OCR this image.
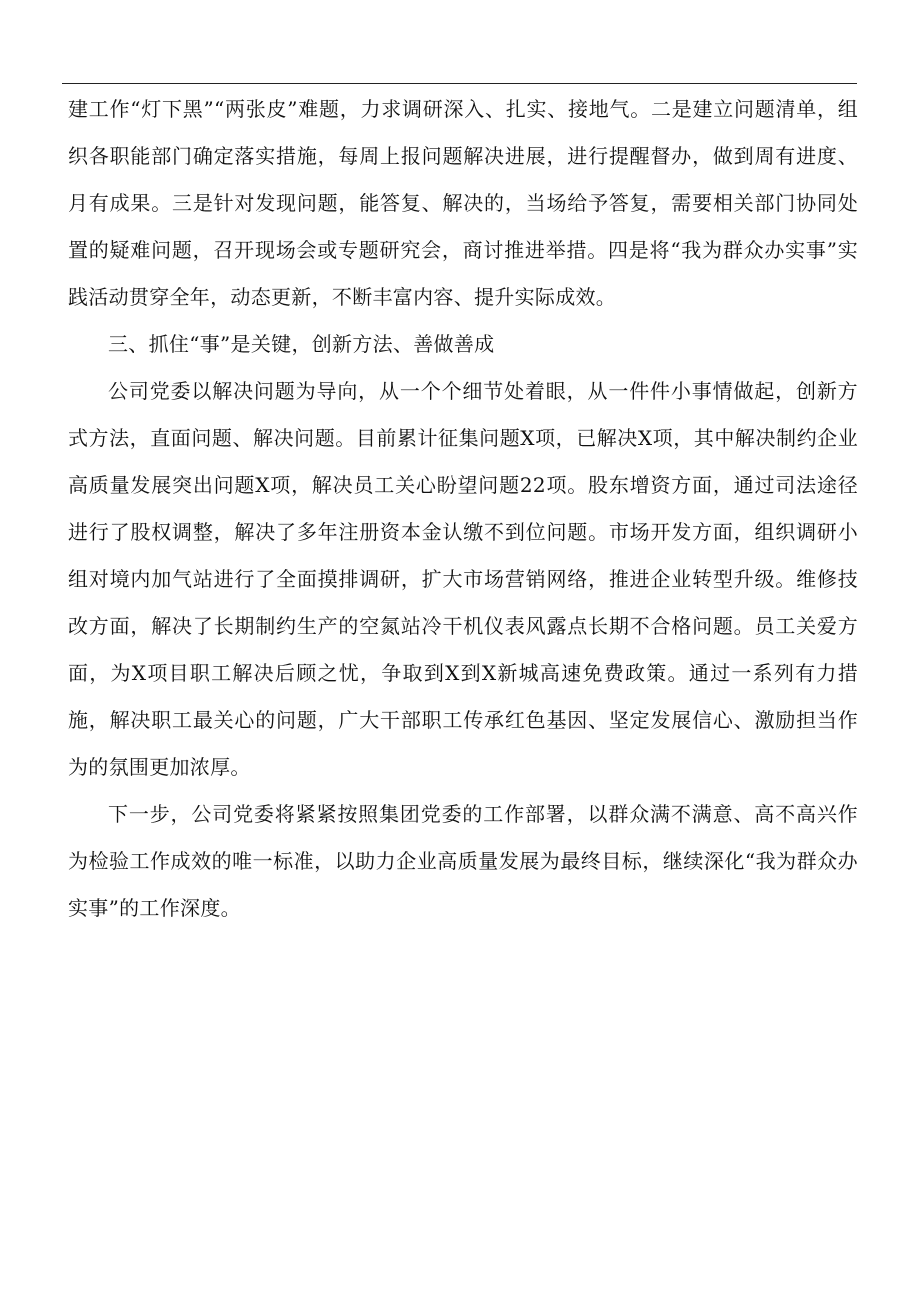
建工作“灯下黑”“两张皮”难题，力求调研深入、扎实、接地气。二是建立问题清单，组织各职能部门确定落实措施，每周上报问题解决进展，进行提醒督办，做到周有进度、月有成果。三是针对发现问题，能答复、解决的，当场给予答复，需要相关部门协同处置的疑难问题，召开现场会或专题研究会，商讨推进举措。四是将“我为群众办实事”实践活动贯穿全年，动态更新，不断丰富内容、提升实际成效。

三、抓住“事”是关键，创新方法、善做善成

公司党委以解决问题为导向，从一个个细节处着眼，从一件件小事情做起，创新方式方法，直面问题、解决问题。目前累计征集问题X项，已解决X项，其中解决制约企业高质量发展突出问题X项，解决员工关心盼望问题22项。股东增资方面，通过司法途径进行了股权调整，解决了多年注册资本金认缴不到位问题。市场开发方面，组织调研小组对境内加气站进行了全面摸排调研，扩大市场营销网络，推进企业转型升级。维修技改方面，解决了长期制约生产的空氮站冷干机仪表风露点长期不合格问题。员工关爱方面，为X项目职工解决后顾之忧，争取到X到X新城高速免费政策。通过一系列有力措施，解决职工最关心的问题，广大干部职工传承红色基因、坚定发展信心、激励担当作为的氛围更加浓厚。

下一步，公司党委将紧紧按照集团党委的工作部署，以群众满不满意、高不高兴作为检验工作成效的唯一标准，以助力企业高质量发展为最终目标，继续深化“我为群众办实事”的工作深度。
